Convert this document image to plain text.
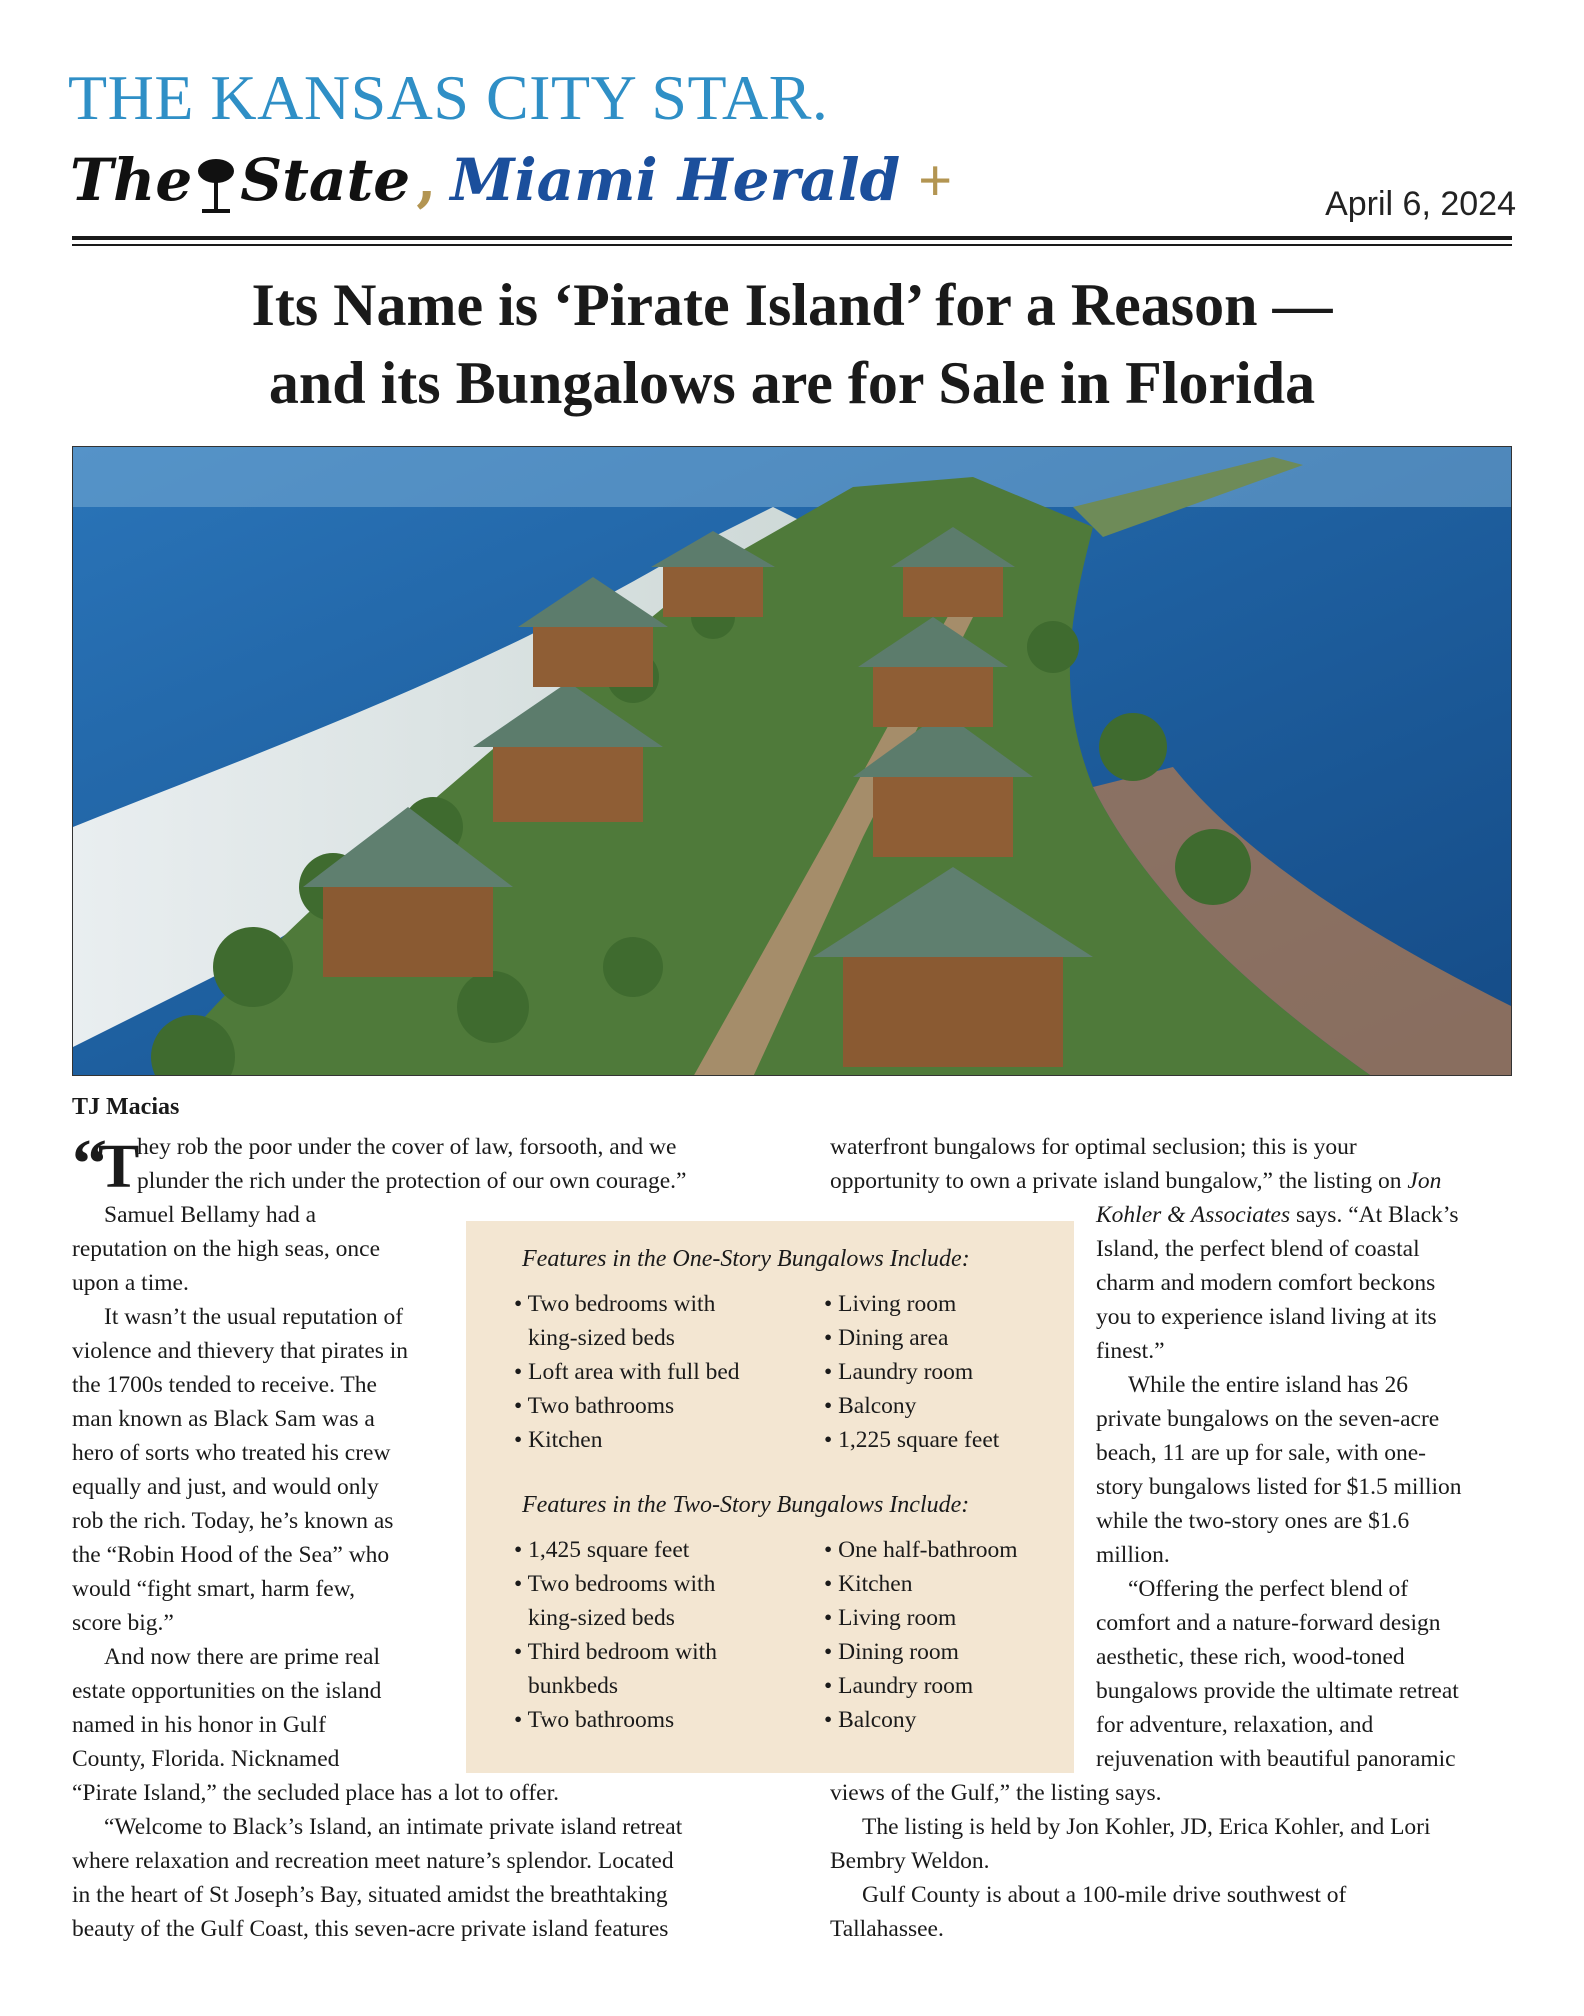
THE KANSAS CITY STAR.
The State , Miami Herald +	April 6, 2024
Its Name is ‘Pirate Island’ for a Reason —
and its Bungalows are for Sale in Florida
TJ Macias
“
T
hey rob the poor under the cover of law, forsooth, and we
plunder the rich under the protection of our own courage.”
Samuel Bellamy had a
reputation on the high seas, once
upon a time.
It wasn’t the usual reputation of
violence and thievery that pirates in
the 1700s tended to receive. The
man known as Black Sam was a
hero of sorts who treated his crew
equally and just, and would only
rob the rich. Today, he’s known as
the “Robin Hood of the Sea” who
would “fight smart, harm few,
score big.”
And now there are prime real
estate opportunities on the island
named in his honor in Gulf
County, Florida. Nicknamed
“Pirate Island,” the secluded place has a lot to offer.
“Welcome to Black’s Island, an intimate private island retreat
where relaxation and recreation meet nature’s splendor. Located
in the heart of St Joseph’s Bay, situated amidst the breathtaking
beauty of the Gulf Coast, this seven-acre private island features
waterfront bungalows for optimal seclusion; this is your
opportunity to own a private island bungalow,” the listing on Jon
Kohler & Associates says. “At Black’s
Island, the perfect blend of coastal
charm and modern comfort beckons
you to experience island living at its
finest.”
While the entire island has 26
private bungalows on the seven-acre
beach, 11 are up for sale, with one-
story bungalows listed for $1.5 million
while the two-story ones are $1.6
million.
“Offering the perfect blend of
comfort and a nature-forward design
aesthetic, these rich, wood-toned
bungalows provide the ultimate retreat
for adventure, relaxation, and
rejuvenation with beautiful panoramic
views of the Gulf,” the listing says.
The listing is held by Jon Kohler, JD, Erica Kohler, and Lori
Bembry Weldon.
Gulf County is about a 100-mile drive southwest of
Tallahassee.
Features in the One-Story Bungalows Include:
• Two bedrooms with
king-sized beds
• Loft area with full bed
• Two bathrooms
• Kitchen
• Living room
• Dining area
• Laundry room
• Balcony
• 1,225 square feet
Features in the Two-Story Bungalows Include:
• 1,425 square feet
• Two bedrooms with
king-sized beds
• Third bedroom with
bunkbeds
• Two bathrooms
• One half-bathroom
• Kitchen
• Living room
• Dining room
• Laundry room
• Balcony
